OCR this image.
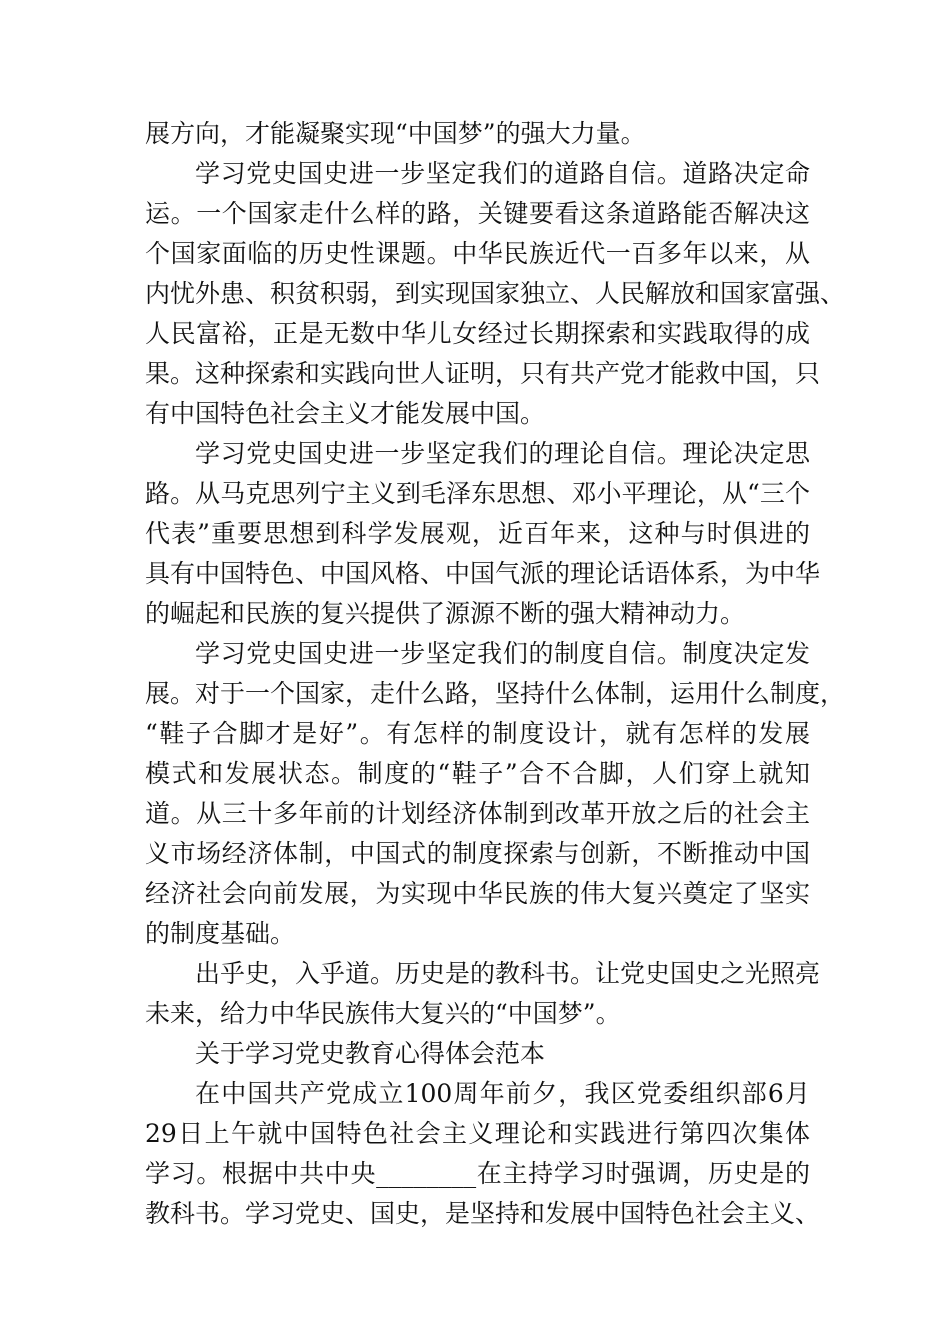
展方向，才能凝聚实现“中国梦”的强大力量。
学习党史国史进一步坚定我们的道路自信。道路决定命
运。一个国家走什么样的路，关键要看这条道路能否解决这
个国家面临的历史性课题。中华民族近代一百多年以来，从
内忧外患、积贫积弱，到实现国家独立、人民解放和国家富强、
人民富裕，正是无数中华儿女经过长期探索和实践取得的成
果。这种探索和实践向世人证明，只有共产党才能救中国，只
有中国特色社会主义才能发展中国。
学习党史国史进一步坚定我们的理论自信。理论决定思
路。从马克思列宁主义到毛泽东思想、邓小平理论，从“三个
代表”重要思想到科学发展观，近百年来，这种与时俱进的
具有中国特色、中国风格、中国气派的理论话语体系，为中华
的崛起和民族的复兴提供了源源不断的强大精神动力。
学习党史国史进一步坚定我们的制度自信。制度决定发
展。对于一个国家，走什么路，坚持什么体制，运用什么制度，
“鞋子合脚才是好”。有怎样的制度设计，就有怎样的发展
模式和发展状态。制度的“鞋子”合不合脚，人们穿上就知
道。从三十多年前的计划经济体制到改革开放之后的社会主
义市场经济体制，中国式的制度探索与创新，不断推动中国
经济社会向前发展，为实现中华民族的伟大复兴奠定了坚实
的制度基础。
出乎史，入乎道。历史是的教科书。让党史国史之光照亮
未来，给力中华民族伟大复兴的“中国梦”。
关于学习党史教育心得体会范本
在中国共产党成立100周年前夕，我区党委组织部6月
29日上午就中国特色社会主义理论和实践进行第四次集体
学习。根据中共中央________在主持学习时强调，历史是的
教科书。学习党史、国史，是坚持和发展中国特色社会主义、
